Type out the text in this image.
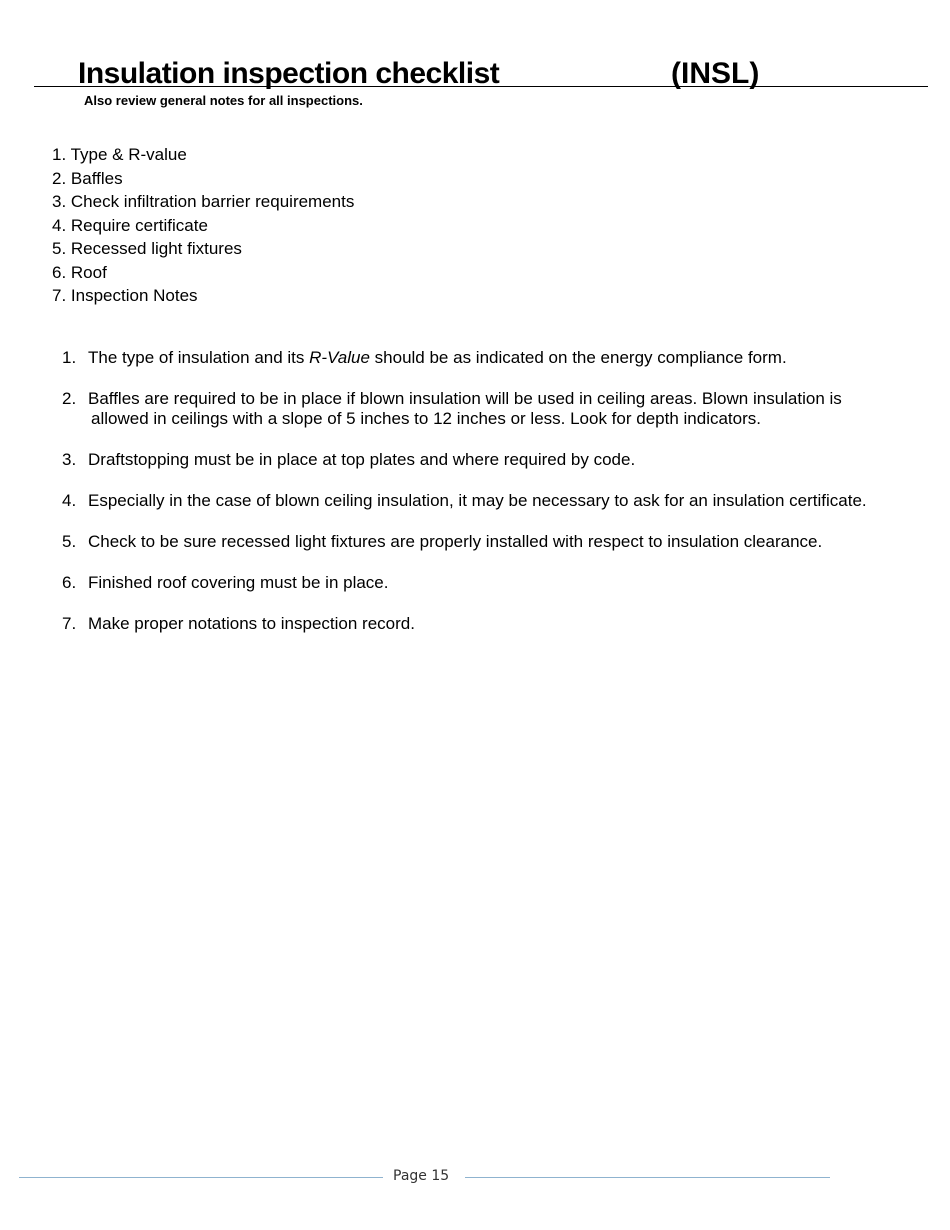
Insulation inspection checklist	(INSL)
Also review general notes for all inspections.
1. Type & R-value
2. Baffles
3. Check infiltration barrier requirements
4. Require certificate
5. Recessed light fixtures
6. Roof
7. Inspection Notes
1. The type of insulation and its R-Value should be as indicated on the energy compliance form.
2. Baffles are required to be in place if blown insulation will be used in ceiling areas. Blown insulation is
allowed in ceilings with a slope of 5 inches to 12 inches or less. Look for depth indicators.
3. Draftstopping must be in place at top plates and where required by code.
4. Especially in the case of blown ceiling insulation, it may be necessary to ask for an insulation certificate.
5. Check to be sure recessed light fixtures are properly installed with respect to insulation clearance.
6. Finished roof covering must be in place.
7. Make proper notations to inspection record.
Page 15
